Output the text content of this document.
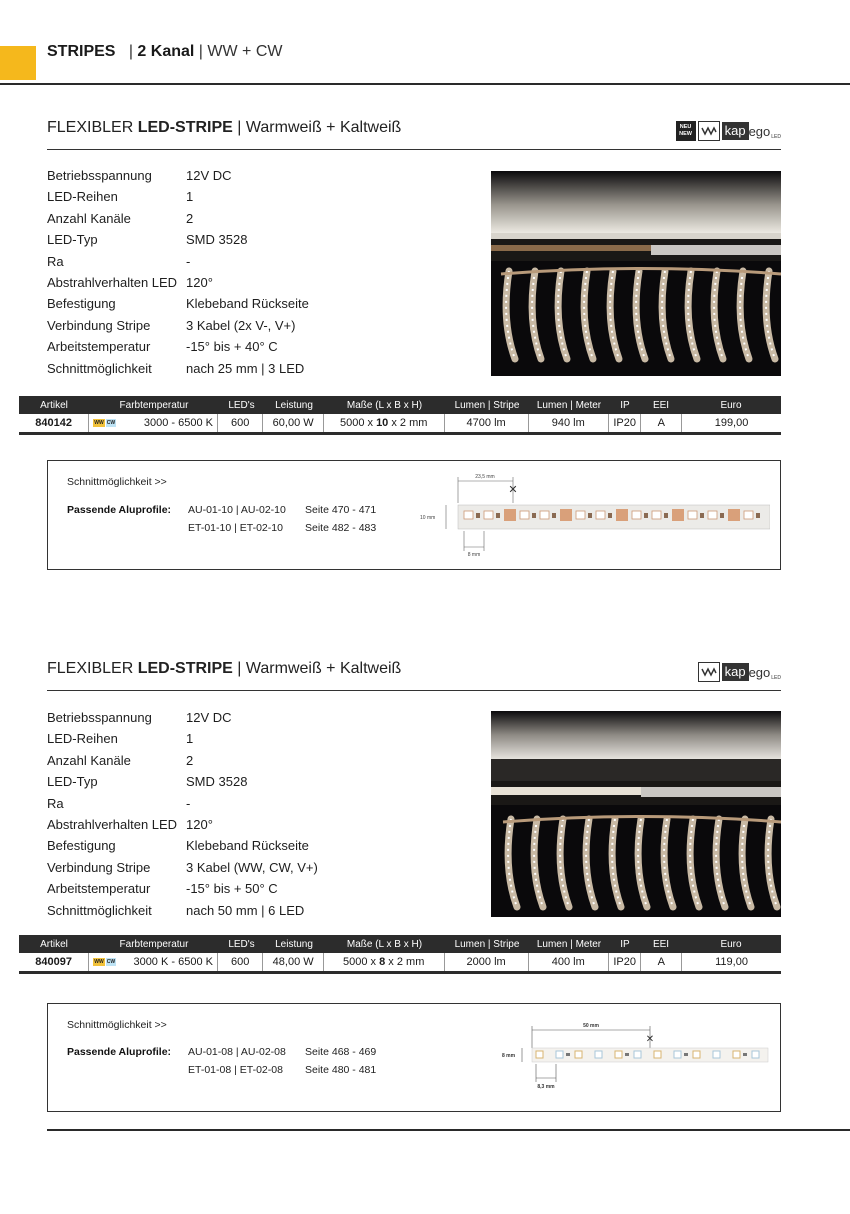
STRIPES   | 2 Kanal | WW + CW
FLEXIBLER LED-STRIPE | Warmweiß + Kaltweiß	NEU
NEW	kap ego LED
Betriebsspannung	12V DC
LED-Reihen	1
Anzahl Kanäle	2
LED-Typ	SMD 3528
Ra	-
Abstrahlverhalten LED 120°
Befestigung	Klebeband Rückseite
Verbindung Stripe	3 Kabel (2x V-, V+)
Arbeitstemperatur	-15° bis + 40° C
Schnittmöglichkeit	nach 25 mm | 3 LED
Artikel	Farbtemperatur	LED's	Leistung	Maße (L x B x H)	Lumen | Stripe	Lumen | Meter	IP	EEI	Euro
840142	WW CW	3000 - 6500 K	600	60,00 W	5000 x 10 x 2 mm	4700 lm	940 lm	IP20	A	199,00
Schnittmöglichkeit >>
Passende Aluprofile: AU-01-10 | AU-02-10 Seite 470 - 471
ET-01-10 | ET-02-10 Seite 482 - 483
23,5 mm
✕
10 mm
8 mm
FLEXIBLER LED-STRIPE | Warmweiß + Kaltweiß	kap ego LED
Betriebsspannung	12V DC
LED-Reihen	1
Anzahl Kanäle	2
LED-Typ	SMD 3528
Ra	-
Abstrahlverhalten LED 120°
Befestigung	Klebeband Rückseite
Verbindung Stripe	3 Kabel (WW, CW, V+)
Arbeitstemperatur	-15° bis + 50° C
Schnittmöglichkeit	nach 50 mm | 6 LED
Artikel	Farbtemperatur	LED's	Leistung	Maße (L x B x H)	Lumen | Stripe	Lumen | Meter	IP	EEI	Euro
840097	WW CW 3000 K - 6500 K	600	48,00 W	5000 x 8 x 2 mm	2000 lm	400 lm	IP20	A	119,00
Schnittmöglichkeit >>
Passende Aluprofile: AU-01-08 | AU-02-08 Seite 468 - 469
ET-01-08 | ET-02-08 Seite 480 - 481
50 mm
✕
8 mm
8,3 mm
